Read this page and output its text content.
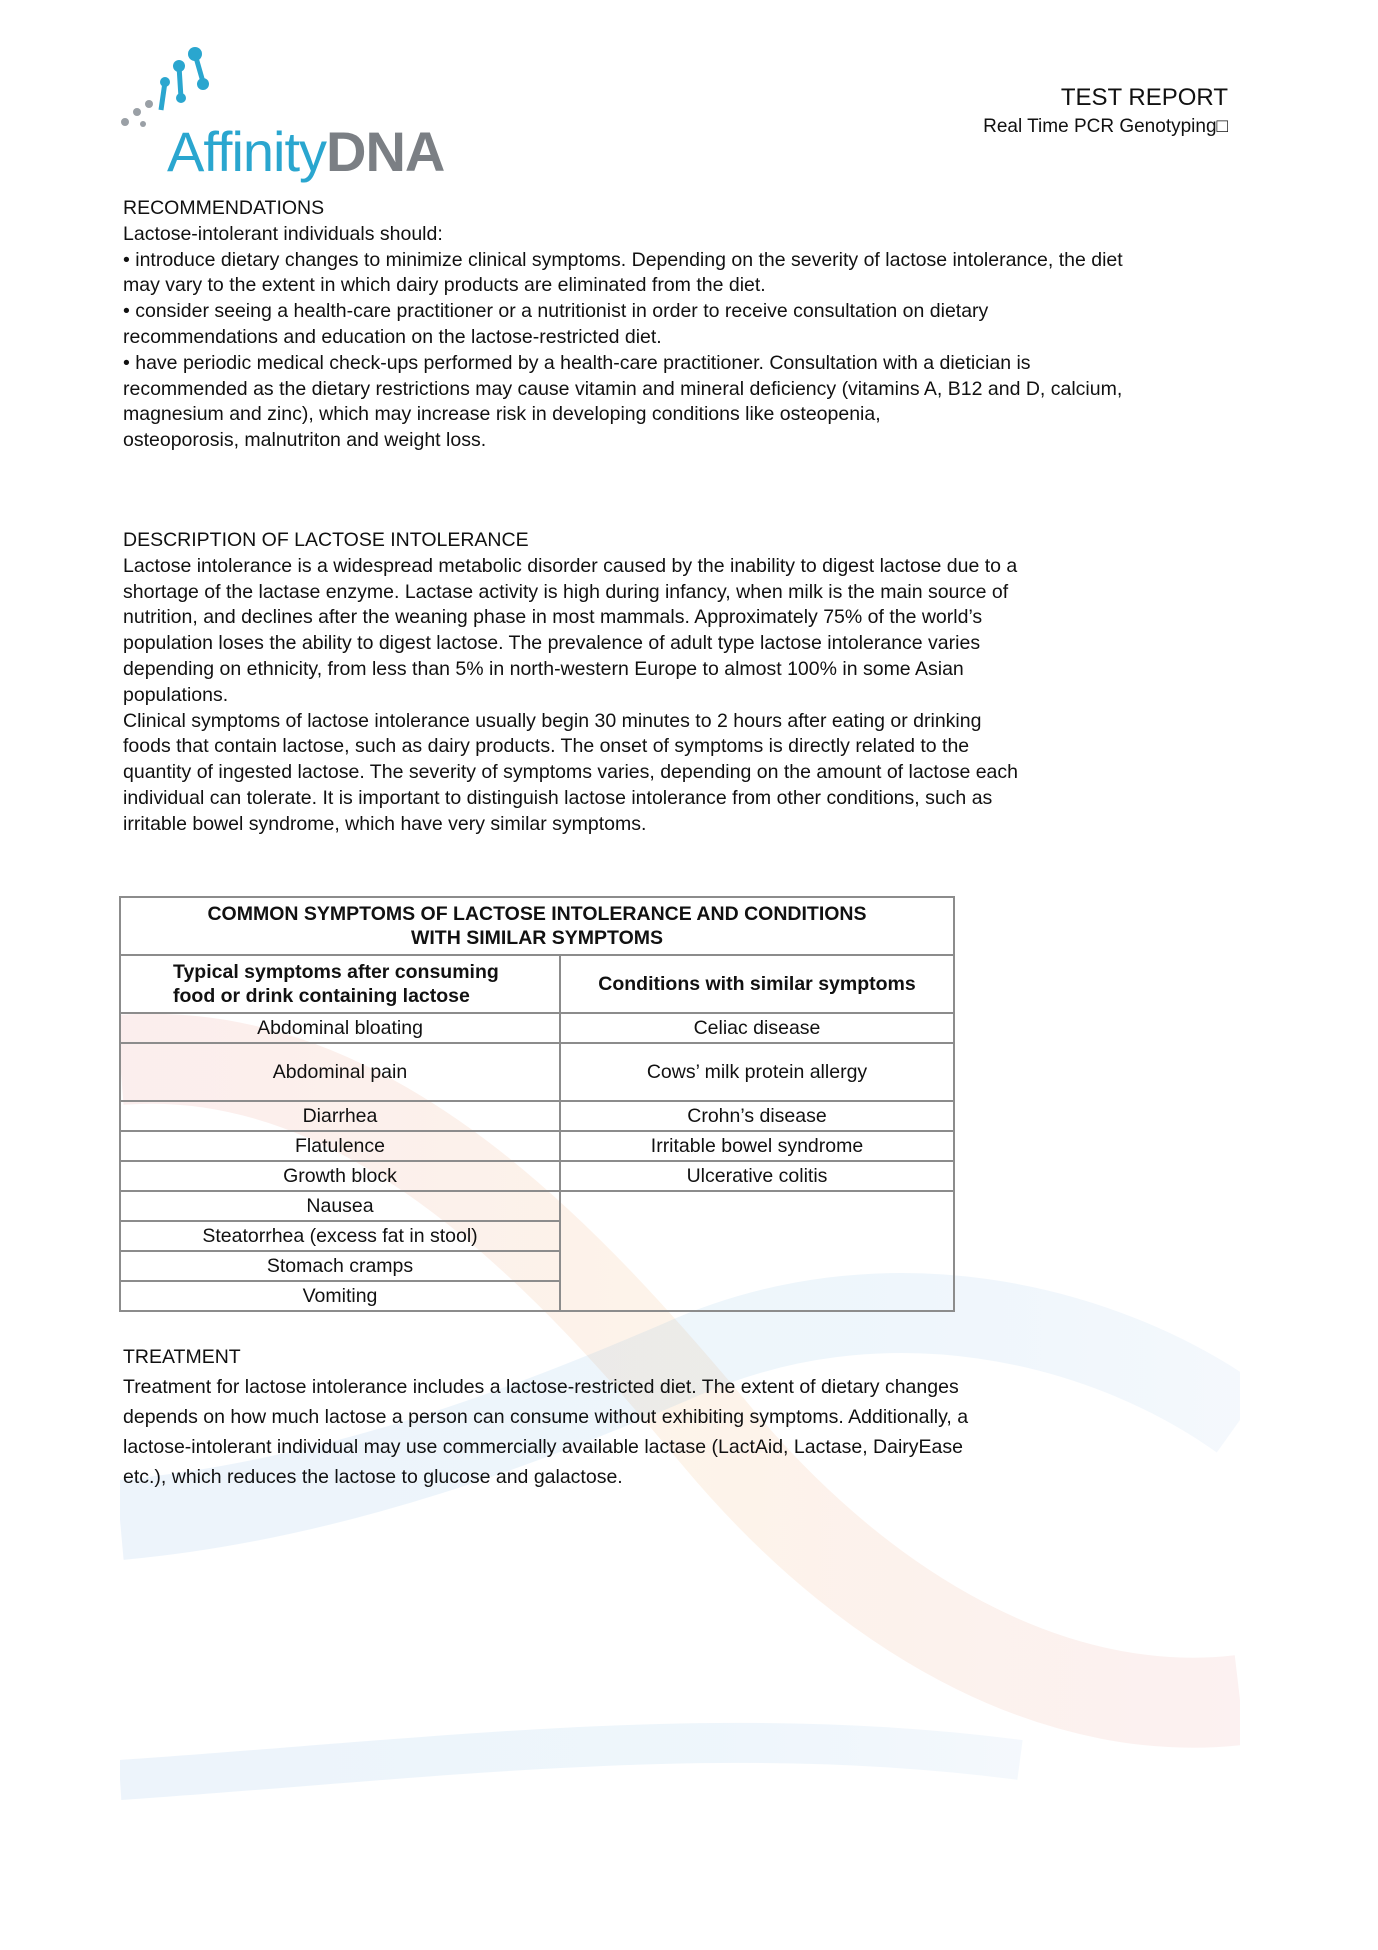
AffinityDNA
TEST REPORT
Real Time PCR Genotyping□
RECOMMENDATIONS

Lactose-intolerant individuals should:

• introduce dietary changes to minimize clinical symptoms. Depending on the severity of lactose intolerance, the diet

may vary to the extent in which dairy products are eliminated from the diet.

• consider seeing a health-care practitioner or a nutritionist in order to receive consultation on dietary

recommendations and education on the lactose-restricted diet.

• have periodic medical check-ups performed by a health-care practitioner. Consultation with a dietician is

recommended as the dietary restrictions may cause vitamin and mineral deficiency (vitamins A, B12 and D, calcium,

magnesium and zinc), which may increase risk in developing conditions like osteopenia,

osteoporosis, malnutriton and weight loss.

DESCRIPTION OF LACTOSE INTOLERANCE

Lactose intolerance is a widespread metabolic disorder caused by the inability to digest lactose due to a

shortage of the lactase enzyme. Lactase activity is high during infancy, when milk is the main source of

nutrition, and declines after the weaning phase in most mammals. Approximately 75% of the world’s

population loses the ability to digest lactose. The prevalence of adult type lactose intolerance varies

depending on ethnicity, from less than 5% in north-western Europe to almost 100% in some Asian

populations.

Clinical symptoms of lactose intolerance usually begin 30 minutes to 2 hours after eating or drinking

foods that contain lactose, such as dairy products. The onset of symptoms is directly related to the

quantity of ingested lactose. The severity of symptoms varies, depending on the amount of lactose each

individual can tolerate. It is important to distinguish lactose intolerance from other conditions, such as

irritable bowel syndrome, which have very similar symptoms.

COMMON SYMPTOMS OF LACTOSE INTOLERANCE AND CONDITIONS
WITH SIMILAR SYMPTOMS	

Typical symptoms after consuming
food or drink containing lactose	Conditions with similar symptoms
Abdominal bloating	Celiac disease
Abdominal pain	Cows’ milk protein allergy
Diarrhea	Crohn’s disease
Flatulence	Irritable bowel syndrome
Growth block	Ulcerative colitis
Nausea	
Steatorrhea (excess fat in stool)	
Stomach cramps	
Vomiting	
TREATMENT

Treatment for lactose intolerance includes a lactose-restricted diet. The extent of dietary changes

depends on how much lactose a person can consume without exhibiting symptoms. Additionally, a

lactose-intolerant individual may use commercially available lactase (LactAid, Lactase, DairyEase

etc.), which reduces the lactose to glucose and galactose.
